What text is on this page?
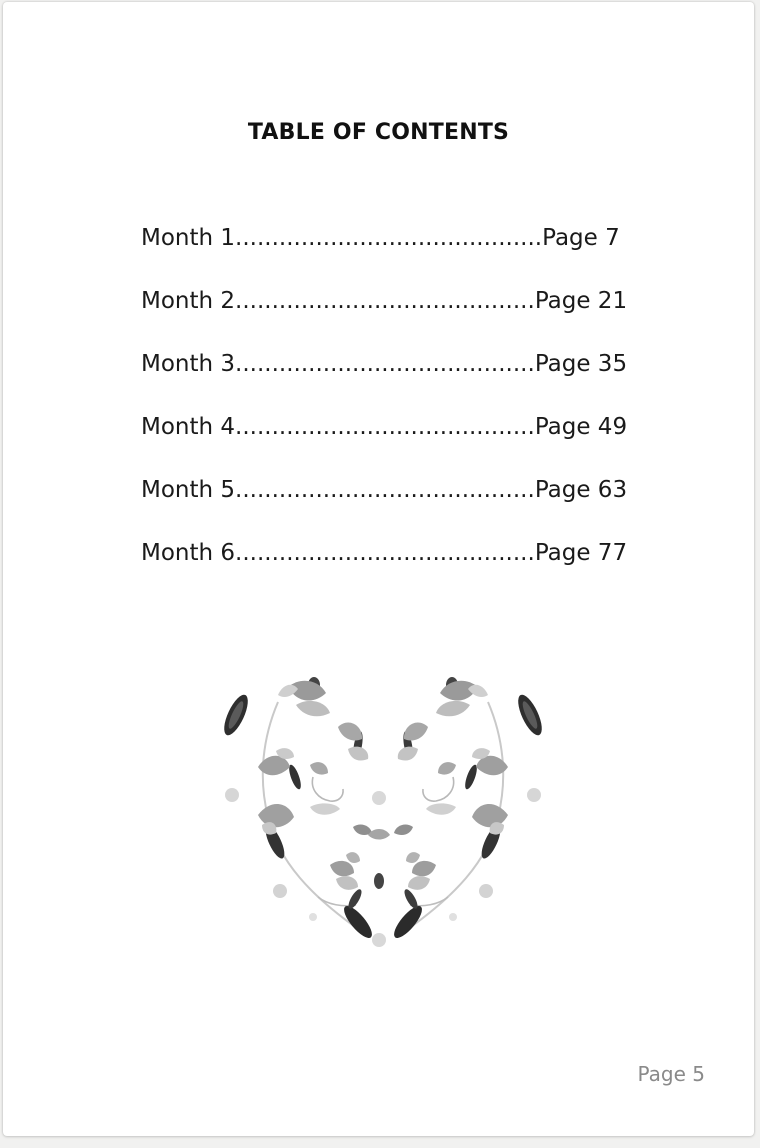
TABLE OF CONTENTS
Month 1..........................................Page 7
Month 2.........................................Page 21
Month 3.........................................Page 35
Month 4.........................................Page 49
Month 5.........................................Page 63
Month 6.........................................Page 77
Page 5
